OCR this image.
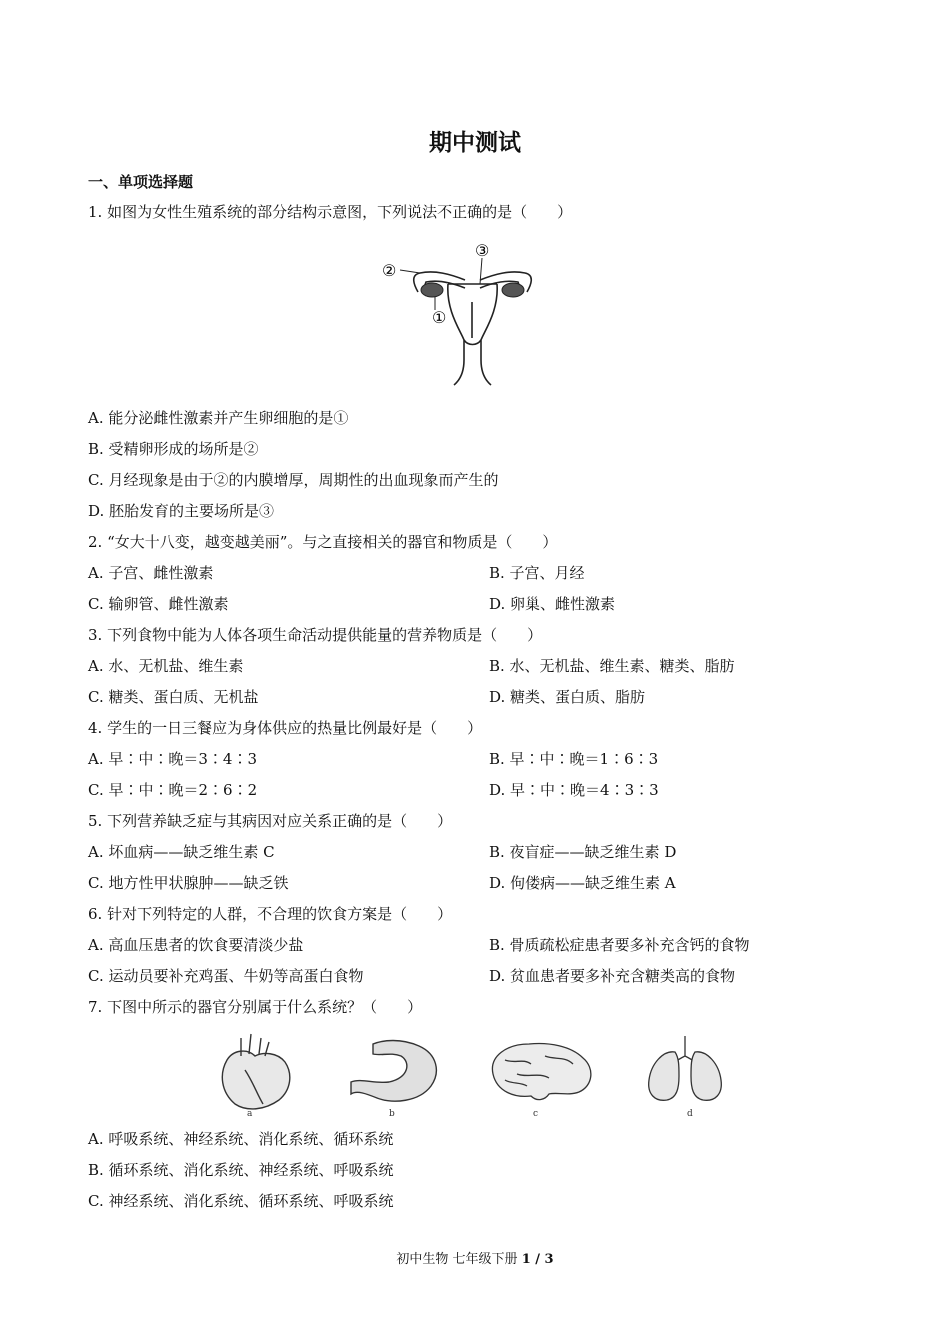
期中测试
一、单项选择题
1. 如图为女性生殖系统的部分结构示意图，下列说法不正确的是（　　）
①
②
③
A. 能分泌雌性激素并产生卵细胞的是①
B. 受精卵形成的场所是②
C. 月经现象是由于②的内膜增厚，周期性的出血现象而产生的
D. 胚胎发育的主要场所是③
2. “女大十八变，越变越美丽”。与之直接相关的器官和物质是（　　）
A. 子宫、雌性激素	B. 子宫、月经
C. 输卵管、雌性激素	D. 卵巢、雌性激素
3. 下列食物中能为人体各项生命活动提供能量的营养物质是（　　）
A. 水、无机盐、维生素	B. 水、无机盐、维生素、糖类、脂肪
C. 糖类、蛋白质、无机盐	D. 糖类、蛋白质、脂肪
4. 学生的一日三餐应为身体供应的热量比例最好是（　　）
A. 早∶中∶晚＝3∶4∶3	B. 早∶中∶晚＝1∶6∶3
C. 早∶中∶晚＝2∶6∶2	D. 早∶中∶晚＝4∶3∶3
5. 下列营养缺乏症与其病因对应关系正确的是（　　）
A. 坏血病——缺乏维生素 C	B. 夜盲症——缺乏维生素 D
C. 地方性甲状腺肿——缺乏铁	D. 佝偻病——缺乏维生素 A
6. 针对下列特定的人群，不合理的饮食方案是（　　）
A. 高血压患者的饮食要清淡少盐	B. 骨质疏松症患者要多补充含钙的食物
C. 运动员要补充鸡蛋、牛奶等高蛋白食物	D. 贫血患者要多补充含糖类高的食物
7. 下图中所示的器官分别属于什么系统？（　　）
a	b	c	d
A. 呼吸系统、神经系统、消化系统、循环系统
B. 循环系统、消化系统、神经系统、呼吸系统
C. 神经系统、消化系统、循环系统、呼吸系统
初中生物 七年级下册 1 / 3
